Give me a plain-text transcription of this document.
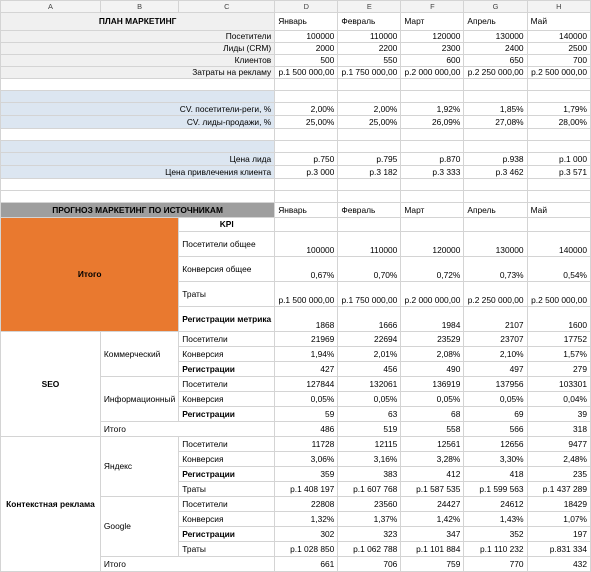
A	B	C	D	E	F	G	H
ПЛАН МАРКЕТИНГ			Январь	Февраль	Март	Апрель	Май
Посетители			100000	110000	120000	130000	140000
Лиды (CRM)			2000	2200	2300	2400	2500
Клиентов			500	550	600	650	700
Затраты на рекламу			р.1 500 000,00	р.1 750 000,00	р.2 000 000,00	р.2 250 000,00	р.2 500 000,00

CV. посетители-реги, %			2,00%	2,00%	1,92%	1,85%	1,79%
CV. лиды-продажи, %			25,00%	25,00%	26,09%	27,08%	28,00%

Цена лида			р.750	р.795	р.870	р.938	р.1 000
Цена привлечения клиента			р.3 000	р.3 182	р.3 333	р.3 462	р.3 571

ПРОГНОЗ МАРКЕТИНГ ПО ИСТОЧНИКАМ			Январь	Февраль	Март	Апрель	Май
Итого		KPI					
		Посетители общее	100000	110000	120000	130000	140000
		Конверсия общее	0,67%	0,70%	0,72%	0,73%	0,54%
		Траты	р.1 500 000,00	р.1 750 000,00	р.2 000 000,00	р.2 250 000,00	р.2 500 000,00
		Регистрации метрика	1868	1666	1984	2107	1600
SEO	Коммерческий	Посетители	21969	22694	23529	23707	17752
		Конверсия	1,94%	2,01%	2,08%	2,10%	1,57%
		Регистрации	427	456	490	497	279
	Информационный	Посетители	127844	132061	136919	137956	103301
		Конверсия	0,05%	0,05%	0,05%	0,05%	0,04%
		Регистрации	59	63	68	69	39
	Итого		486	519	558	566	318
Контекстная реклама	Яндекс	Посетители	11728	12115	12561	12656	9477
		Конверсия	3,06%	3,16%	3,28%	3,30%	2,48%
		Регистрации	359	383	412	418	235
		Траты	р.1 408 197	р.1 607 768	р.1 587 535	р.1 599 563	р.1 437 289
	Google	Посетители	22808	23560	24427	24612	18429
		Конверсия	1,32%	1,37%	1,42%	1,43%	1,07%
		Регистрации	302	323	347	352	197
		Траты	р.1 028 850	р.1 062 788	р.1 101 884	р.1 110 232	р.831 334
	Итого		661	706	759	770	432
